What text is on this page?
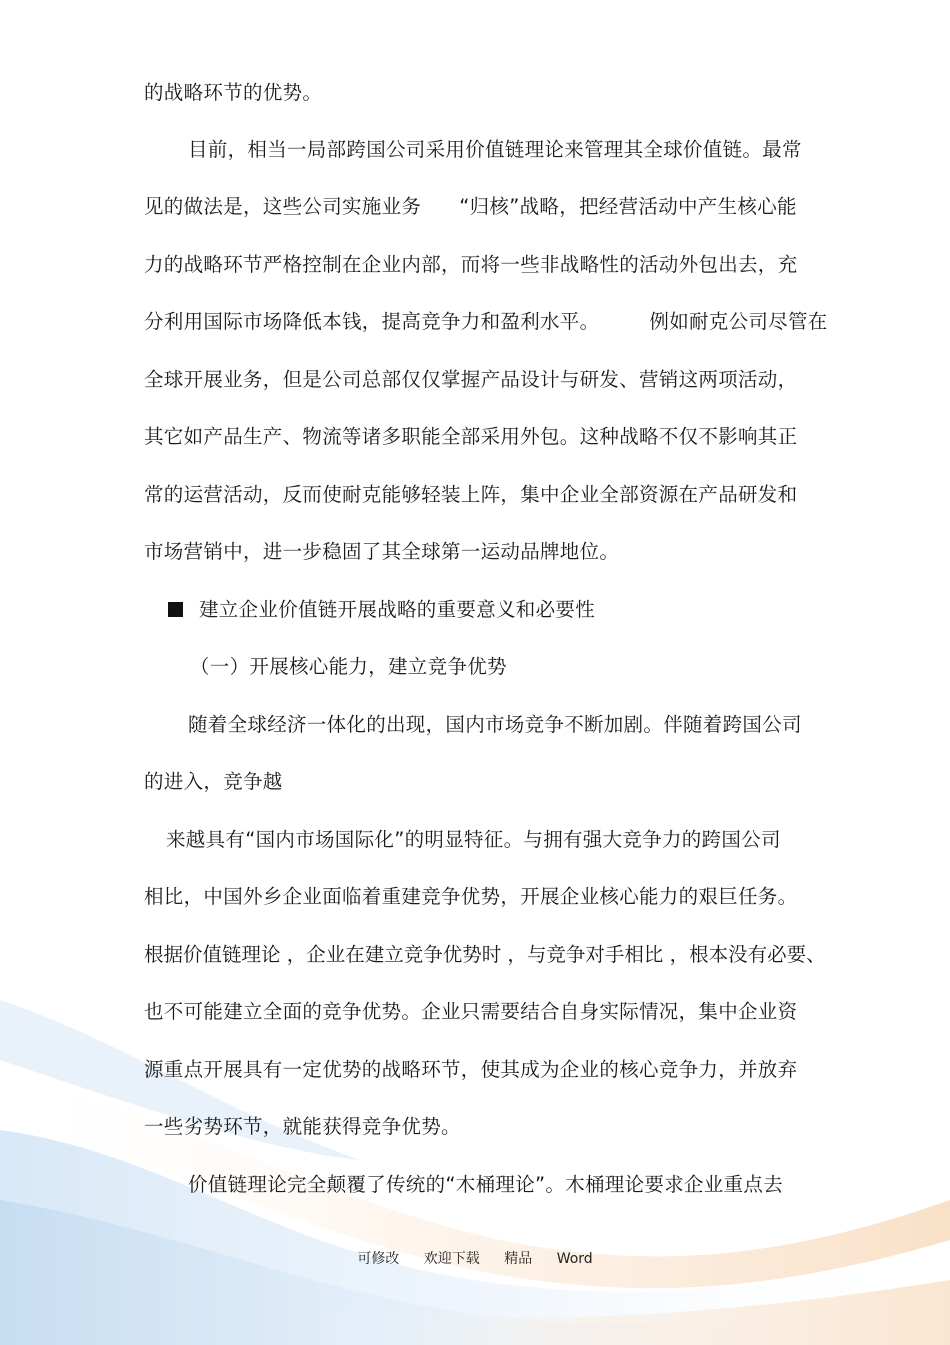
的战略环节的优势。
目前，相当一局部跨国公司采用价值链理论来管理其全球价值链。最常
见的做法是，这些公司实施业务 “归核”战略，把经营活动中产生核心能
力的战略环节严格控制在企业内部，而将一些非战略性的活动外包出去，充
分利用国际市场降低本钱，提高竞争力和盈利水平。	例如耐克公司尽管在
全球开展业务，但是公司总部仅仅掌握产品设计与研发、营销这两项活动，
其它如产品生产、物流等诸多职能全部采用外包。这种战略不仅不影响其正
常的运营活动，反而使耐克能够轻装上阵，集中企业全部资源在产品研发和
市场营销中，进一步稳固了其全球第一运动品牌地位。
建立企业价值链开展战略的重要意义和必要性
（一）开展核心能力，建立竞争优势
随着全球经济一体化的出现，国内市场竞争不断加剧。伴随着跨国公司
的进入，竞争越
来越具有“国内市场国际化”的明显特征。与拥有强大竞争力的跨国公司
相比，中国外乡企业面临着重建竞争优势，开展企业核心能力的艰巨任务。
根据价值链理论 ，企业在建立竞争优势时 ，与竞争对手相比 ，根本没有必要、
也不可能建立全面的竞争优势。企业只需要结合自身实际情况，集中企业资
源重点开展具有一定优势的战略环节，使其成为企业的核心竞争力，并放弃
一些劣势环节，就能获得竞争优势。
价值链理论完全颠覆了传统的“木桶理论”。木桶理论要求企业重点去
可修改 欢迎下载 精品 Word
